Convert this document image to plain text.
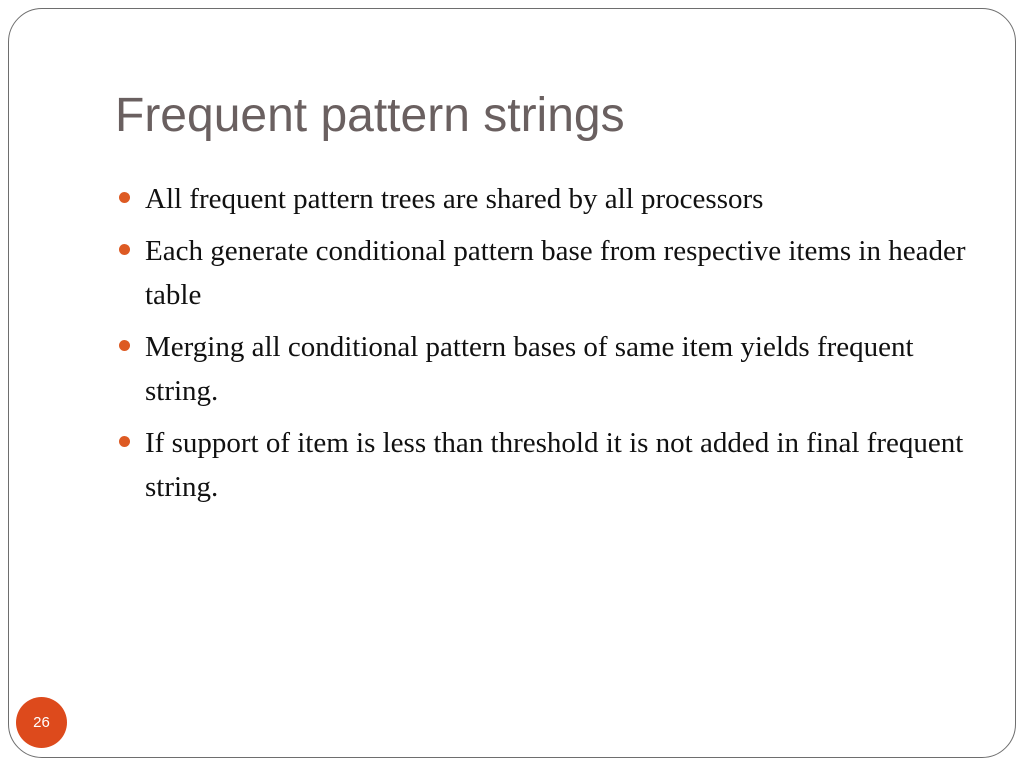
Frequent pattern strings
All frequent pattern trees are shared by all processors
Each generate conditional pattern base from respective items in header table
Merging all conditional pattern bases of same item yields frequent string.
If support of item is less than threshold it is not added in final frequent string.
26
